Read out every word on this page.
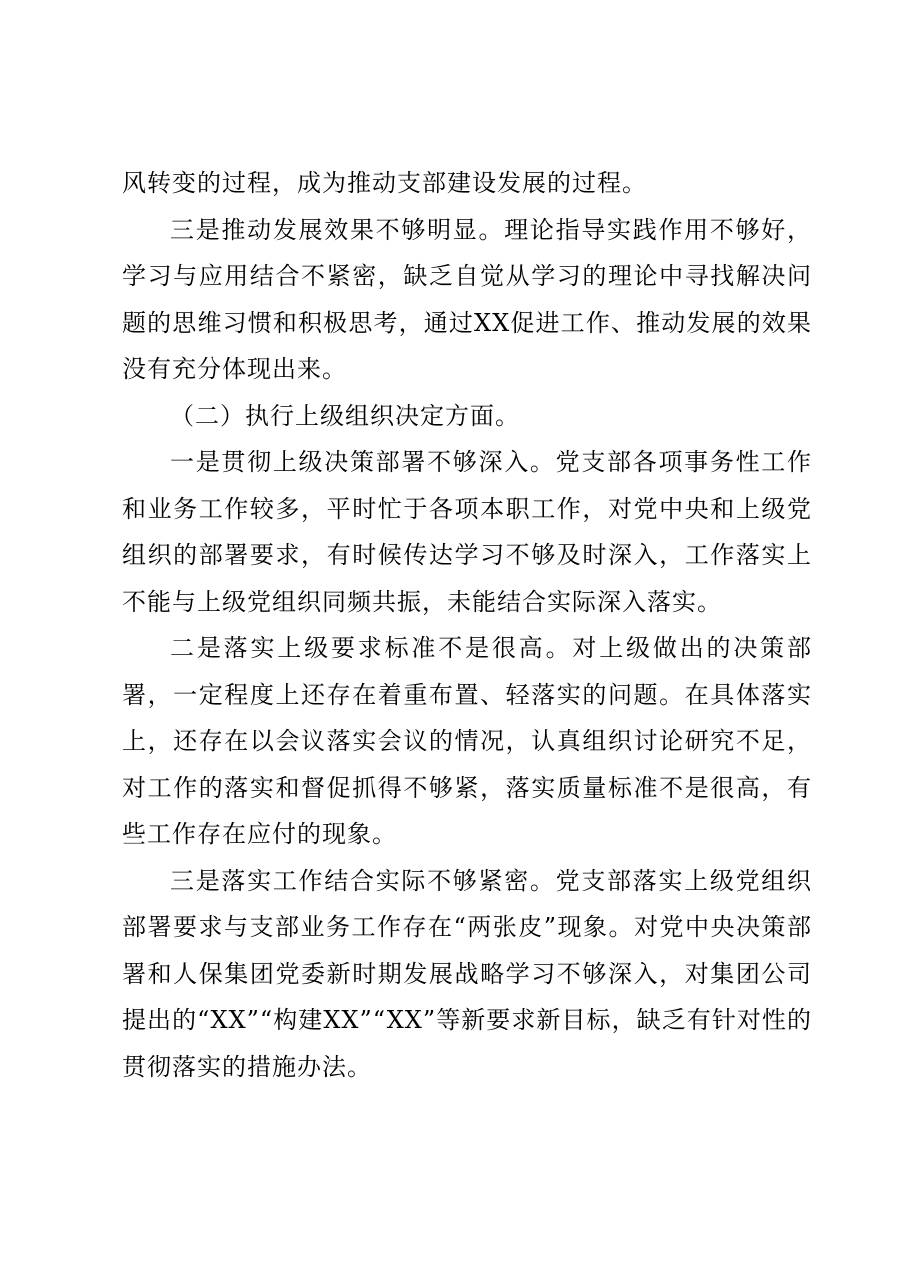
风转变的过程，成为推动支部建设发展的过程。

三是推动发展效果不够明显。理论指导实践作用不够好，学习与应用结合不紧密，缺乏自觉从学习的理论中寻找解决问题的思维习惯和积极思考，通过XX促进工作、推动发展的效果没有充分体现出来。

（二）执行上级组织决定方面。

一是贯彻上级决策部署不够深入。党支部各项事务性工作和业务工作较多，平时忙于各项本职工作，对党中央和上级党组织的部署要求，有时候传达学习不够及时深入，工作落实上不能与上级党组织同频共振，未能结合实际深入落实。

二是落实上级要求标准不是很高。对上级做出的决策部署，一定程度上还存在着重布置、轻落实的问题。在具体落实上，还存在以会议落实会议的情况，认真组织讨论研究不足，对工作的落实和督促抓得不够紧，落实质量标准不是很高，有些工作存在应付的现象。

三是落实工作结合实际不够紧密。党支部落实上级党组织部署要求与支部业务工作存在“两张皮”现象。对党中央决策部署和人保集团党委新时期发展战略学习不够深入，对集团公司提出的“XX”“构建XX”“XX”等新要求新目标，缺乏有针对性的贯彻落实的措施办法。
